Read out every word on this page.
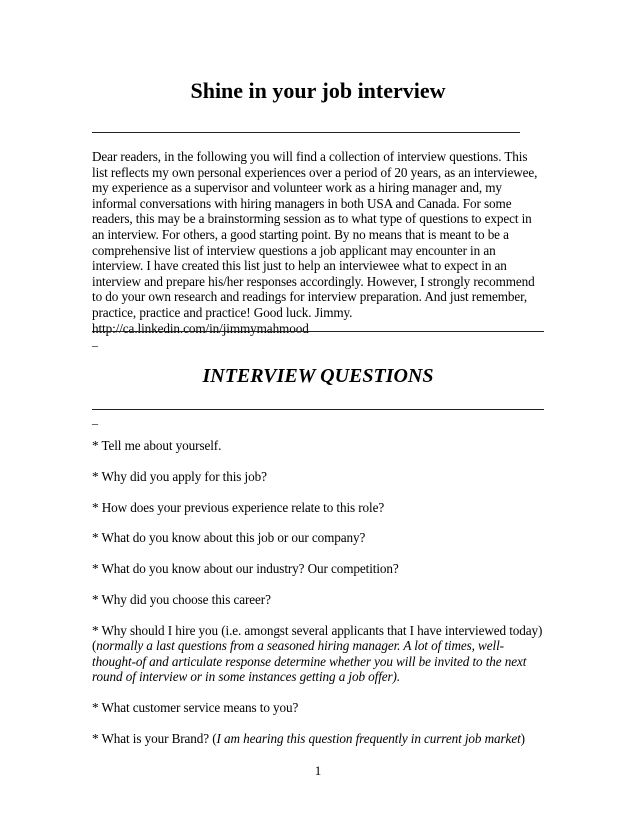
Shine in your job interview

Dear readers, in the following you will find a collection of interview questions. This list reflects my own personal experiences over a period of 20 years, as an interviewee, my experience as a supervisor and volunteer work as a hiring manager and, my informal conversations with hiring managers in both USA and Canada. For some readers, this may be a brainstorming session as to what type of questions to expect in an interview. For others, a good starting point. By no means that is meant to be a comprehensive list of interview questions a job applicant may encounter in an interview. I have created this list just to help an interviewee what to expect in an interview and prepare his/her responses accordingly. However, I strongly recommend to do your own research and readings for interview preparation. And just remember, practice, practice and practice! Good luck. Jimmy. http://ca.linkedin.com/in/jimmymahmood

_
INTERVIEW QUESTIONS
_
* Tell me about yourself.
* Why did you apply for this job?
* How does your previous experience relate to this role?
* What do you know about this job or our company?
* What do you know about our industry? Our competition?
* Why did you choose this career?
* Why should I hire you (i.e. amongst several applicants that I have interviewed today) (normally a last questions from a seasoned hiring manager. A lot of times, well-thought-of and articulate response determine whether you will be invited to the next round of interview or in some instances getting a job offer).
* What customer service means to you?
* What is your Brand? (I am hearing this question frequently in current job market)
1
